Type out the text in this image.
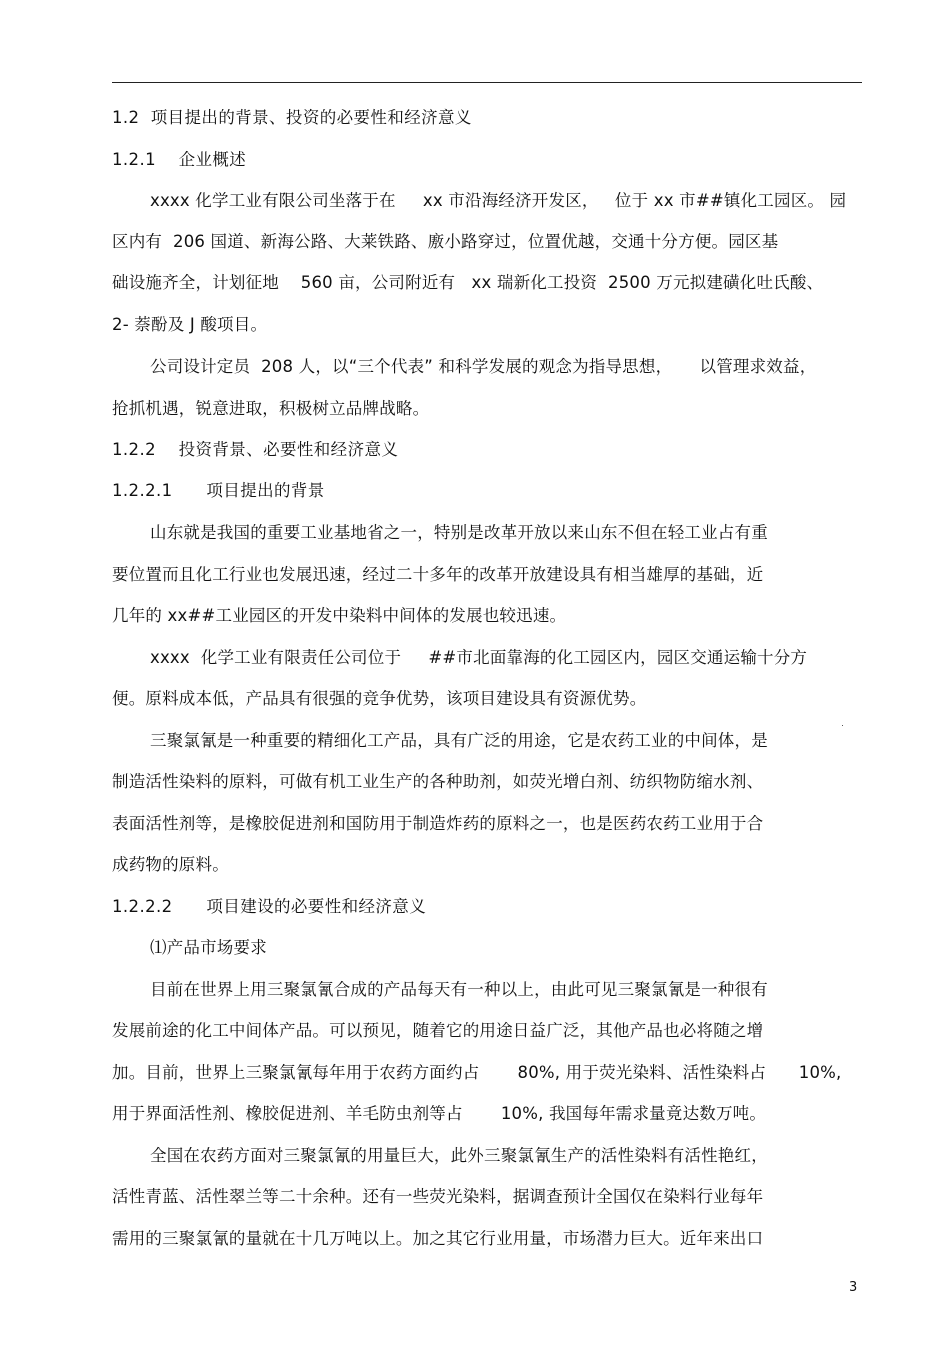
1.2  项目提出的背景、投资的必要性和经济意义
1.2.1    企业概述
xxxx 化学工业有限公司坐落于在     xx 市沿海经济开发区，   位于 xx 市##镇化工园区。 园
区内有  206 国道、新海公路、大莱铁路、廒小路穿过，位置优越，交通十分方便。园区基
础设施齐全，计划征地    560 亩，公司附近有   xx 瑞新化工投资  2500 万元拟建磺化吐氏酸、
2- 萘酚及 J 酸项目。
公司设计定员  208 人，以“三个代表” 和科学发展的观念为指导思想，     以管理求效益，
抢抓机遇，锐意进取，积极树立品牌战略。
1.2.2    投资背景、必要性和经济意义
1.2.2.1      项目提出的背景
山东就是我国的重要工业基地省之一，特别是改革开放以来山东不但在轻工业占有重
要位置而且化工行业也发展迅速，经过二十多年的改革开放建设具有相当雄厚的基础，近
几年的 xx##工业园区的开发中染料中间体的发展也较迅速。
xxxx  化学工业有限责任公司位于     ##市北面靠海的化工园区内，园区交通运输十分方
便。原料成本低，产品具有很强的竞争优势，该项目建设具有资源优势。
三聚氯氰是一种重要的精细化工产品，具有广泛的用途，它是农药工业的中间体，是
制造活性染料的原料，可做有机工业生产的各种助剂，如荧光增白剂、纺织物防缩水剂、
表面活性剂等，是橡胶促进剂和国防用于制造炸药的原料之一，也是医药农药工业用于合
成药物的原料。
1.2.2.2      项目建设的必要性和经济意义
⑴产品市场要求
目前在世界上用三聚氯氰合成的产品每天有一种以上，由此可见三聚氯氰是一种很有
发展前途的化工中间体产品。可以预见，随着它的用途日益广泛，其他产品也必将随之增
加。目前，世界上三聚氯氰每年用于农药方面约占       80%, 用于荧光染料、活性染料占      10%,
用于界面活性剂、橡胶促进剂、羊毛防虫剂等占       10%, 我国每年需求量竟达数万吨。
全国在农药方面对三聚氯氰的用量巨大，此外三聚氯氰生产的活性染料有活性艳红，
活性青蓝、活性翠兰等二十余种。还有一些荧光染料，据调查预计全国仅在染料行业每年
需用的三聚氯氰的量就在十几万吨以上。加之其它行业用量，市场潜力巨大。近年来出口
3
